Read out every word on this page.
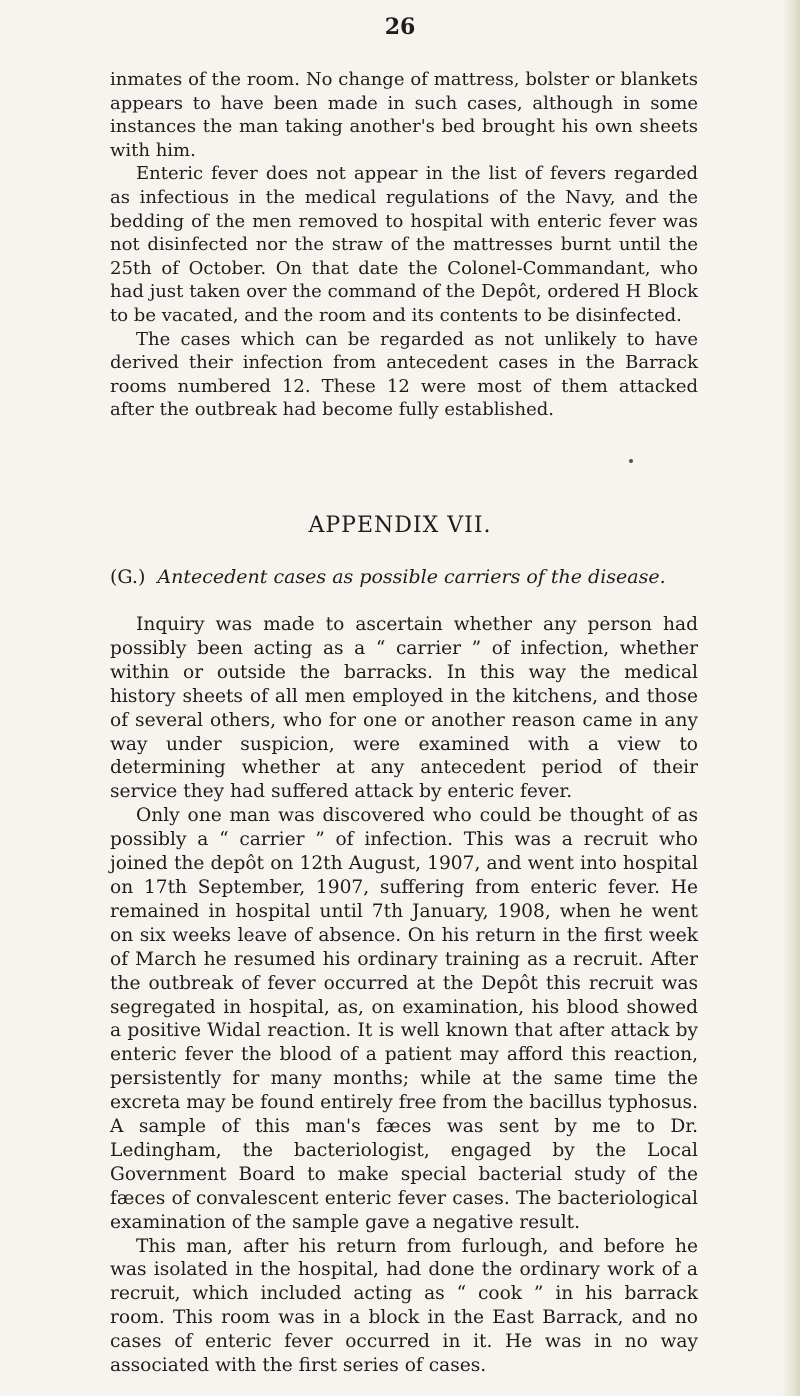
26

inmates of the room. No change of mattress, bolster or blankets appears to have been made in such cases, although in some instances the man taking another's bed brought his own sheets with him.

Enteric fever does not appear in the list of fevers regarded as infectious in the medical regulations of the Navy, and the bedding of the men removed to hospital with enteric fever was not disinfected nor the straw of the mattresses burnt until the 25th of October. On that date the Colonel-Commandant, who had just taken over the command of the Depôt, ordered H Block to be vacated, and the room and its contents to be disinfected.

The cases which can be regarded as not unlikely to have derived their infection from antecedent cases in the Barrack rooms numbered 12. These 12 were most of them attacked after the outbreak had become fully established.

APPENDIX VII.
(G.) Antecedent cases as possible carriers of the disease.

Inquiry was made to ascertain whether any person had possibly been acting as a “ carrier ” of infection, whether within or outside the barracks. In this way the medical history sheets of all men employed in the kitchens, and those of several others, who for one or another reason came in any way under suspicion, were examined with a view to determining whether at any antecedent period of their service they had suffered attack by enteric fever.

Only one man was discovered who could be thought of as possibly a “ carrier ” of infection. This was a recruit who joined the depôt on 12th August, 1907, and went into hospital on 17th September, 1907, suffering from enteric fever. He remained in hospital until 7th January, 1908, when he went on six weeks leave of absence. On his return in the first week of March he resumed his ordinary training as a recruit. After the outbreak of fever occurred at the Depôt this recruit was segregated in hospital, as, on examination, his blood showed a positive Widal reaction. It is well known that after attack by enteric fever the blood of a patient may afford this reaction, persistently for many months; while at the same time the excreta may be found entirely free from the bacillus typhosus. A sample of this man's fæces was sent by me to Dr. Ledingham, the bacteriologist, engaged by the Local Government Board to make special bacterial study of the fæces of convalescent enteric fever cases. The bacteriological examination of the sample gave a negative result.

This man, after his return from furlough, and before he was isolated in the hospital, had done the ordinary work of a recruit, which included acting as “ cook ” in his barrack room. This room was in a block in the East Barrack, and no cases of enteric fever occurred in it. He was in no way associated with the first series of cases.
